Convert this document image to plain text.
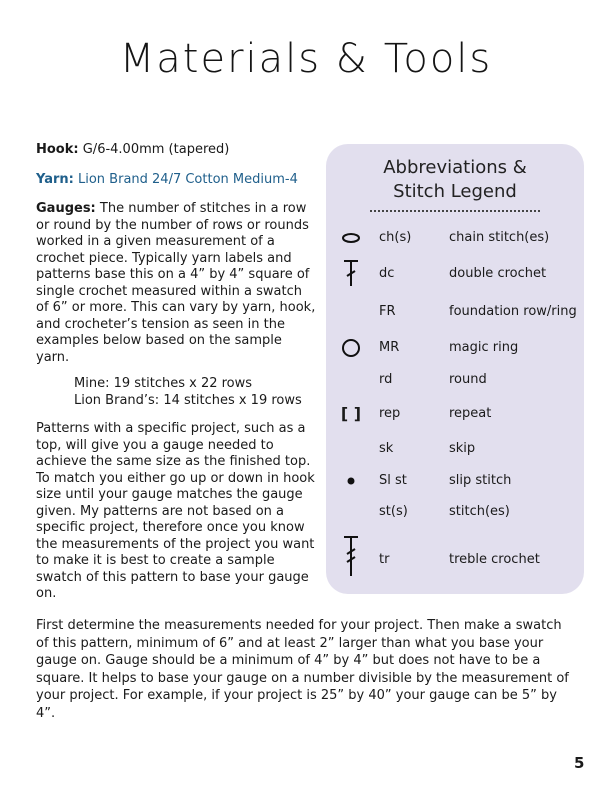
Materials & Tools

Hook: G/6-4.00mm (tapered)

Yarn: Lion Brand 24/7 Cotton Medium-4

Gauges: The number of stitches in a row or round by the number of rows or rounds worked in a given measurement of a crochet piece. Typically yarn labels and patterns base this on a 4” by 4” square of single crochet measured within a swatch of 6” or more. This can vary by yarn, hook, and crocheter’s tension as seen in the examples below based on the sample yarn.

Mine: 19 stitches x 22 rows
Lion Brand’s: 14 stitches x 19 rows

Patterns with a specific project, such as a top, will give you a gauge needed to achieve the same size as the finished top. To match you either go up or down in hook size until your gauge matches the gauge given. My patterns are not based on a specific project, therefore once you know the measurements of the project you want to make it is best to create a sample swatch of this pattern to base your gauge on.

Abbreviations &
Stitch Legend
ch(s)	chain stitch(es)
dc	double crochet
FR	foundation row/ring
MR	magic ring
rd	round
[ ]	rep	repeat
sk	skip
Sl st	slip stitch
st(s)	stitch(es)
tr	treble crochet

First determine the measurements needed for your project. Then make a swatch of this pattern, minimum of 6” and at least 2” larger than what you base your gauge on. Gauge should be a minimum of 4” by 4” but does not have to be a square. It helps to base your gauge on a number divisible by the measurement of your project. For example, if your project is 25” by 40” your gauge can be 5” by 4”.

5
